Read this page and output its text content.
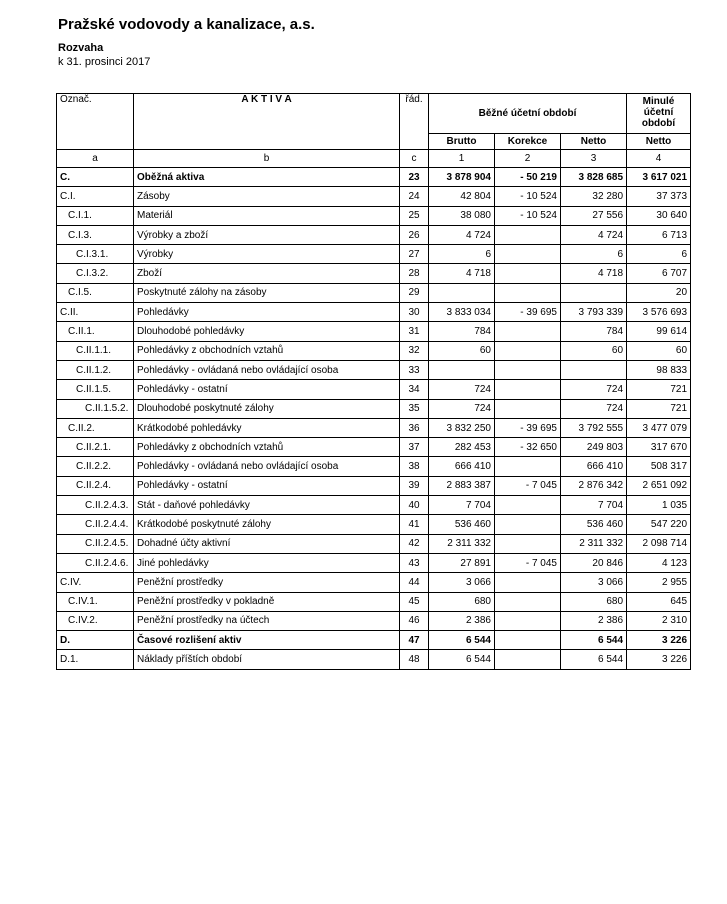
Pražské vodovody a kanalizace, a.s.
Rozvaha
k 31. prosinci 2017
Označ.	A K T I V A	řád.	Běžné účetní období			Minulé účetní období
			Brutto	Korekce	Netto	Netto
a	b	c	1	2	3	4
C.	Oběžná aktiva	23	3 878 904	- 50 219	3 828 685	3 617 021
C.I.	Zásoby	24	42 804	- 10 524	32 280	37 373
C.I.1.	Materiál	25	38 080	- 10 524	27 556	30 640
C.I.3.	Výrobky a zboží	26	4 724		4 724	6 713
C.I.3.1.	Výrobky	27	6		6	6
C.I.3.2.	Zboží	28	4 718		4 718	6 707
C.I.5.	Poskytnuté zálohy na zásoby	29				20
C.II.	Pohledávky	30	3 833 034	- 39 695	3 793 339	3 576 693
C.II.1.	Dlouhodobé pohledávky	31	784		784	99 614
C.II.1.1.	Pohledávky z obchodních vztahů	32	60		60	60
C.II.1.2.	Pohledávky - ovládaná nebo ovládající osoba	33				98 833
C.II.1.5.	Pohledávky - ostatní	34	724		724	721
C.II.1.5.2.	Dlouhodobé poskytnuté zálohy	35	724		724	721
C.II.2.	Krátkodobé pohledávky	36	3 832 250	- 39 695	3 792 555	3 477 079
C.II.2.1.	Pohledávky z obchodních vztahů	37	282 453	- 32 650	249 803	317 670
C.II.2.2.	Pohledávky - ovládaná nebo ovládající osoba	38	666 410		666 410	508 317
C.II.2.4.	Pohledávky - ostatní	39	2 883 387	- 7 045	2 876 342	2 651 092
C.II.2.4.3.	Stát - daňové pohledávky	40	7 704		7 704	1 035
C.II.2.4.4.	Krátkodobé poskytnuté zálohy	41	536 460		536 460	547 220
C.II.2.4.5.	Dohadné účty aktivní	42	2 311 332		2 311 332	2 098 714
C.II.2.4.6.	Jiné pohledávky	43	27 891	- 7 045	20 846	4 123
C.IV.	Peněžní prostředky	44	3 066		3 066	2 955
C.IV.1.	Peněžní prostředky v pokladně	45	680		680	645
C.IV.2.	Peněžní prostředky na účtech	46	2 386		2 386	2 310
D.	Časové rozlišení aktiv	47	6 544		6 544	3 226
D.1.	Náklady příštích období	48	6 544		6 544	3 226
